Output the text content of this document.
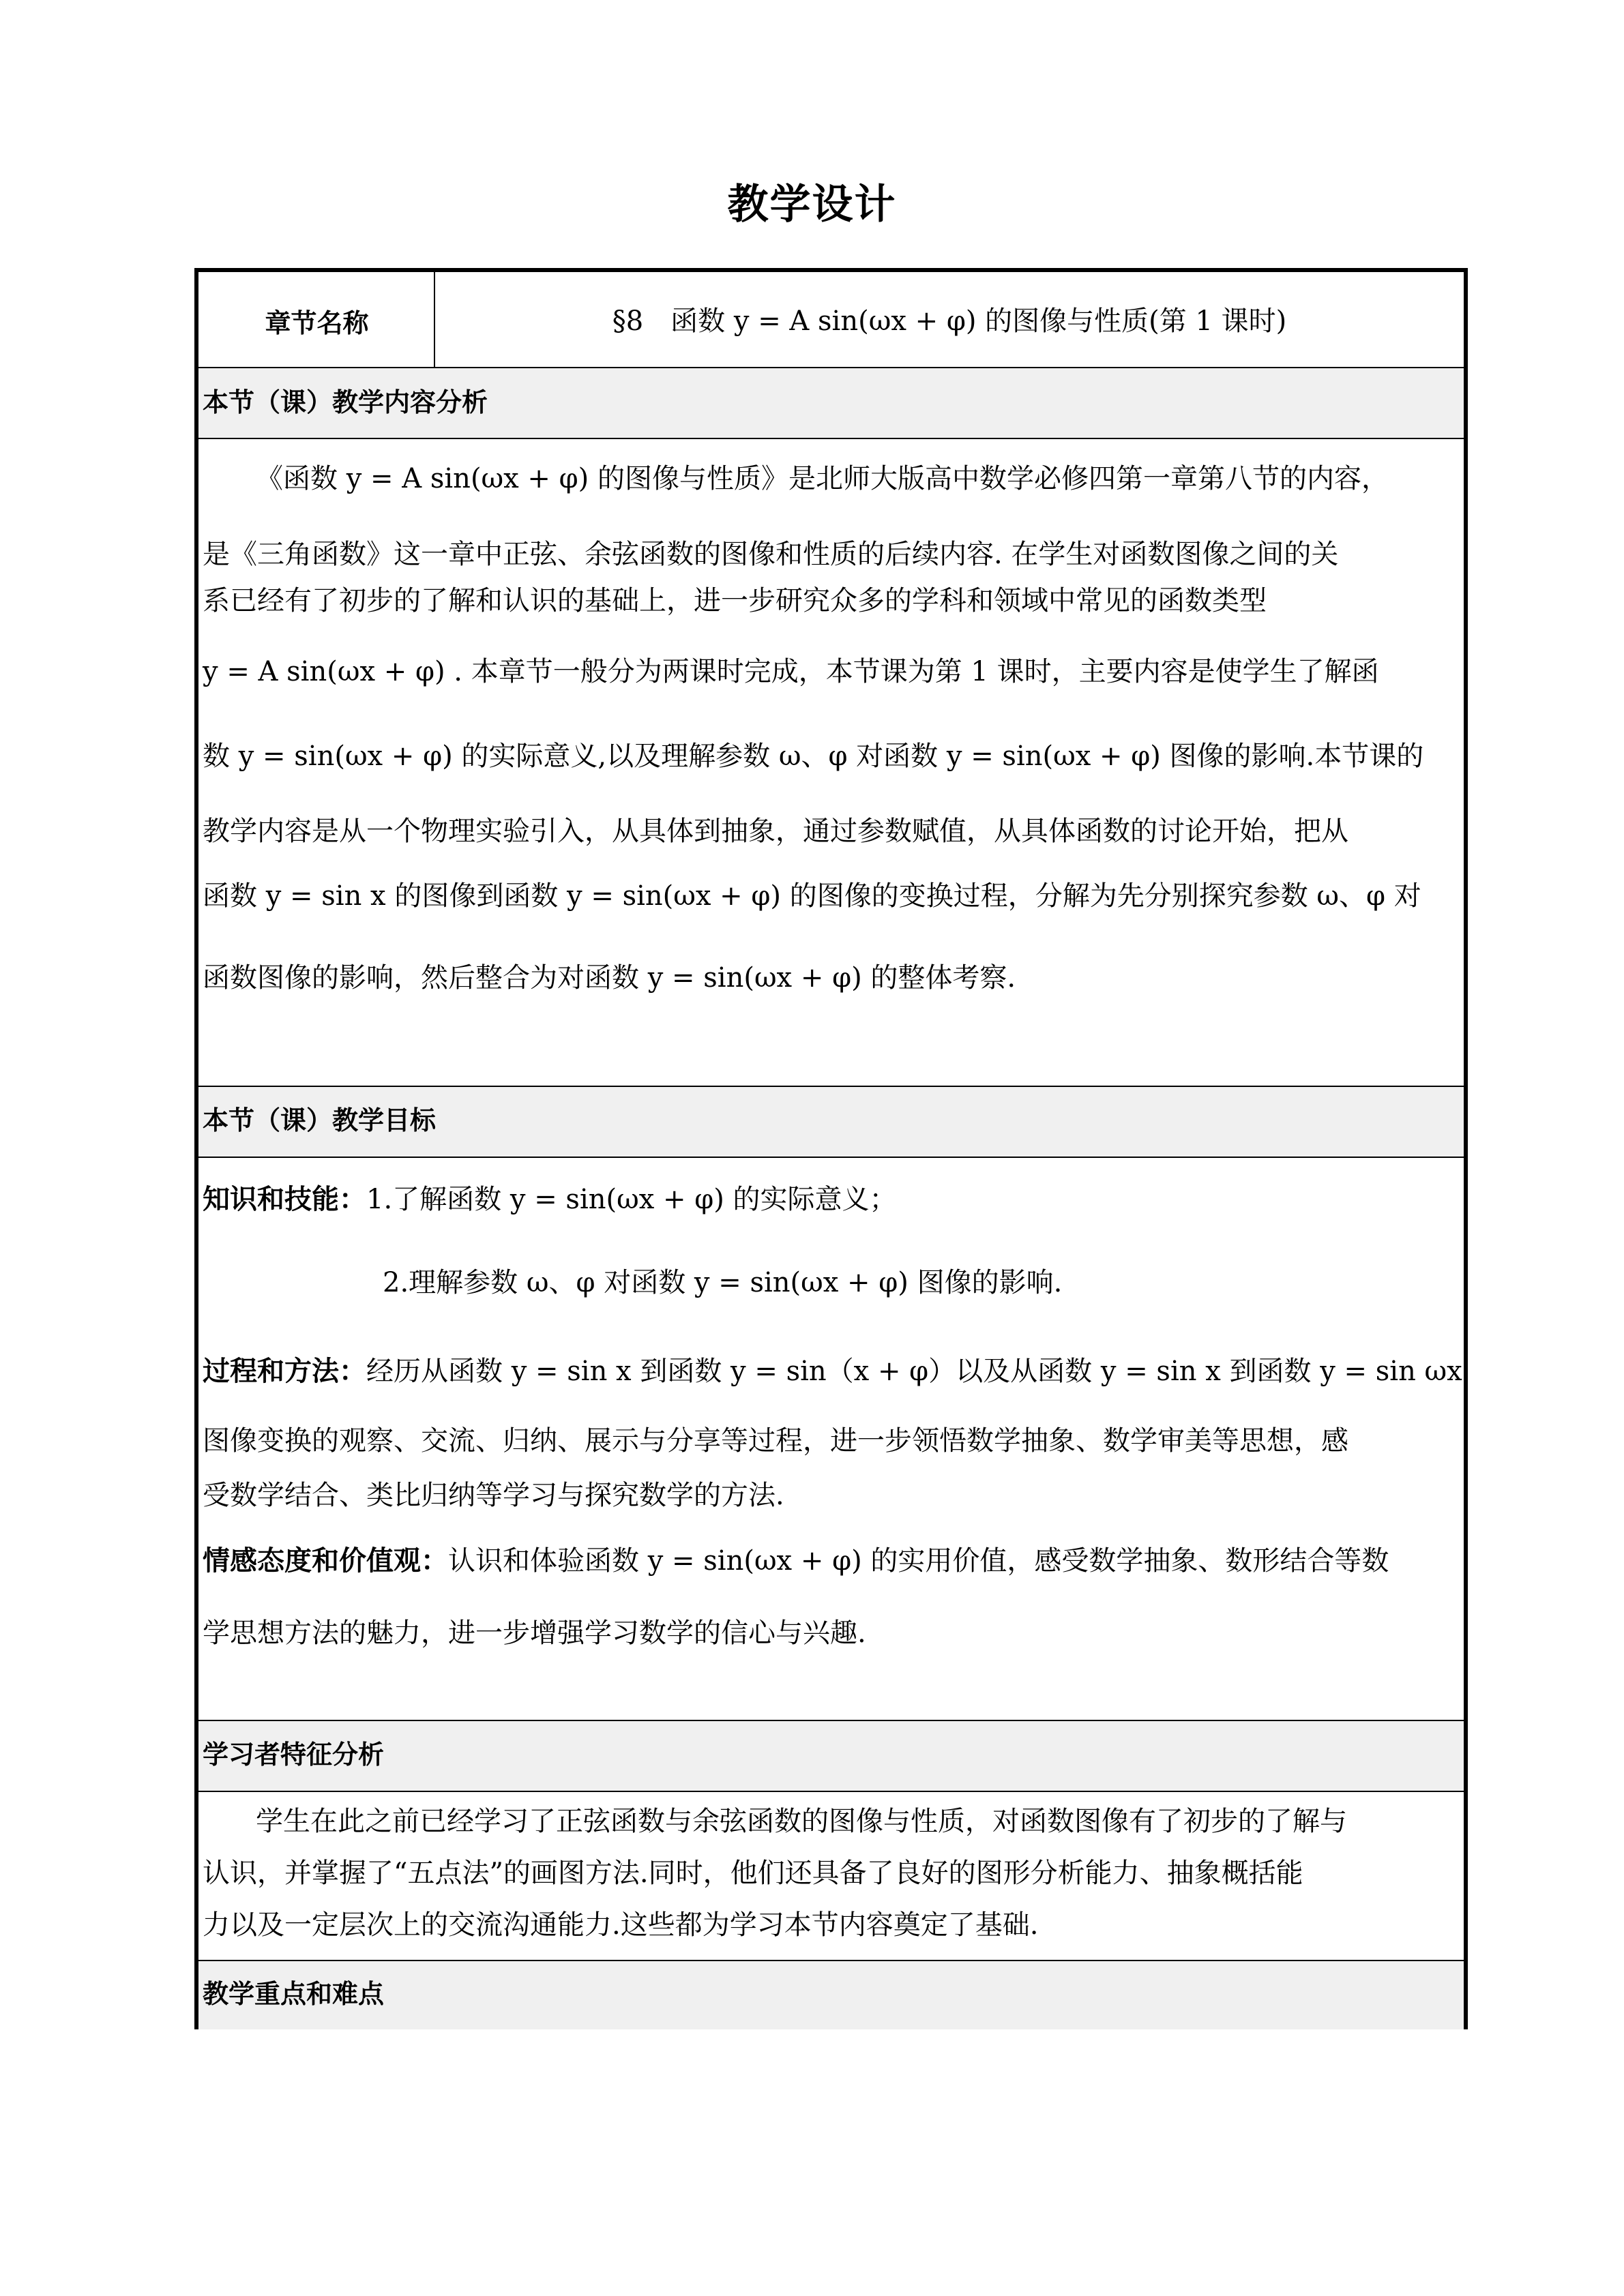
教学设计
章节名称	§8　函数 y = A sin(ωx + φ) 的图像与性质(第 1 课时)
本节（课）教学内容分析
《函数 y = A sin(ωx + φ) 的图像与性质》是北师大版高中数学必修四第一章第八节的内容，
是《三角函数》这一章中正弦、余弦函数的图像和性质的后续内容. 在学生对函数图像之间的关
系已经有了初步的了解和认识的基础上，进一步研究众多的学科和领域中常见的函数类型
y = A sin(ωx + φ) . 本章节一般分为两课时完成，本节课为第 1 课时，主要内容是使学生了解函
数 y = sin(ωx + φ) 的实际意义,以及理解参数 ω、φ 对函数 y = sin(ωx + φ) 图像的影响.本节课的
教学内容是从一个物理实验引入，从具体到抽象，通过参数赋值，从具体函数的讨论开始，把从
函数 y = sin x 的图像到函数 y = sin(ωx + φ) 的图像的变换过程，分解为先分别探究参数 ω、φ 对
函数图像的影响，然后整合为对函数 y = sin(ωx + φ) 的整体考察.
本节（课）教学目标
知识和技能：1.了解函数 y = sin(ωx + φ) 的实际意义；
2.理解参数 ω、φ 对函数 y = sin(ωx + φ) 图像的影响.
过程和方法：经历从函数 y = sin x 到函数 y = sin（x + φ）以及从函数 y = sin x 到函数 y = sin ωx
图像变换的观察、交流、归纳、展示与分享等过程，进一步领悟数学抽象、数学审美等思想，感
受数学结合、类比归纳等学习与探究数学的方法.
情感态度和价值观：认识和体验函数 y = sin(ωx + φ) 的实用价值，感受数学抽象、数形结合等数
学思想方法的魅力，进一步增强学习数学的信心与兴趣.
学习者特征分析
学生在此之前已经学习了正弦函数与余弦函数的图像与性质，对函数图像有了初步的了解与
认识，并掌握了“五点法”的画图方法.同时，他们还具备了良好的图形分析能力、抽象概括能
力以及一定层次上的交流沟通能力.这些都为学习本节内容奠定了基础.
教学重点和难点
